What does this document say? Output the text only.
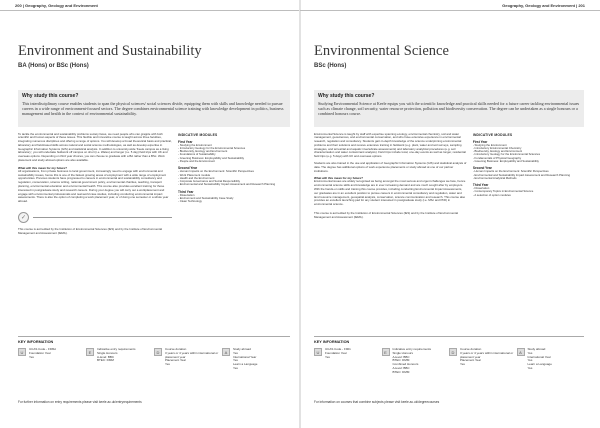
200 | Geography, Geology and Environment
Environment and Sustainability
BA (Hons) or BSc (Hons)
Why study this course?

This interdisciplinary course enables students to span the physical sciences/ social sciences divide, equipping them with skills and knowledge needed to pursue careers in a wide range of environment-focused sectors. The degree combines environmental science training with knowledge development in politics, business management and health in the context of environmental sustainability.

To tackle the environmental and sustainability problems society faces, we need people who can grapple with both scientific and human aspects of these issues. This flexible and innovative course is taught across three faculties, integrating numerous disciplines and offering a range of options. You will develop a broad theoretical basis and practical, laboratory and field-based skills across natural and social science methodologies, as well as develop expertise in Geographic Information Systems (GIS) and statistical analysis. In addition to university-wide 'Keele campus as a living laboratory', you will undertake fieldwork off campus on short (i.e. Wales) and longer (i.e. 5 day) field trips with UK and overseas options. Depending on third year choices, you can choose to graduate with a BA rather than a BSc. Work placement and study abroad options are also available.

What will this mean for my future?

All organisations, from private business to local government, increasingly need to engage with environmental and sustainability issues, hence this is one of the fastest growing areas of employment with a wide range of employment opportunities. Previous students have progressed to careers in environmental and sustainability consultancy and regulation, conservation, science writing, national government policy, environmental charities, teaching, transport planning, environmental education and environmental health. This course also provides excellent training for those interested in postgraduate study and research careers. During your degree you will carry out a workplacement and engage with environmental professionals and real-world case studies, including conducting environmental impact assessments. There is also the option of completing a work placement year, or of doing one semester or a whole year abroad.

✓

This course is accredited by the Institution of Environmental Sciences (IES) and by the Institute of Environmental Management and Assessment (IEMA).

INDICATIVE MODULES
First Year
- Studying the Environment
- Introductory Geology for the Environmental Sciences
- Biodiversity, Ecology and Environment
- Foundations of Sustainability
- Greening Business: Employability and Sustainability
- People and the Environment
Second Year
- Human Impacts on the Environment: Scientific Perspectives
- Work Placement module
- Health and the Environment
- Corporate Governance and Social Responsibility
- Environmental and Sustainability Impact Assessment and Research Planning
Third Year
- Dissertation
- Environment and Sustainability Case Study
- Clean Technology
KEY INFORMATION
U
UCAS Code - FD8H
Foundation Year
Yes
E
Indicative entry requirements
Single Honours
A-level: BBC
BTEC: DMM
D
Course duration
3 years or 4 years within international or placement year
Placement Year
Yes
A
Study abroad
Yes
International Year
Yes
Learn a Language
Yes
For further information on entry requirements please visit keele.ac.uk/entryrequirements
Geography, Geology and Environment | 201
Environmental Science
BSc (Hons)
Why study this course?

Studying Environmental Science at Keele equips you with the scientific knowledge and practical skills needed for a future career tackling environmental issues such as climate change, soil security, water resource protection, pollution and biodiversity conservation. The degree can be undertaken as a single honours or a combined honours course.

Environmental Science is taught by staff with expertise spanning ecology, environmental chemistry, soil and water management, geosciences, and environmental conservation, and who have extensive experience in environmental research, regulation and consultancy. Students gain in-depth knowledge of the science underpinning environmental problems and their solutions and receive extensive training in fieldwork (e.g. plant, water and soil surveys, sampling strategies, and terrestrial and aquatic invertebrate assessments) and laboratory analytical procedures (e.g. soil characterisation and water contaminant analysis). Field trips include local, one-day events as well as longer, residential field trips (e.g. 5 days) with UK and overseas options.

Students are also trained in the use and application of Geographic Information Systems (GIS) and statistical analysis of data. The degree has additional options of work experience placements or study abroad at one of our partner institutions.

What will this mean for my future?

Environmental issues are widely recognised as being amongst the most serious and urgent challenges we face, hence environmental science skills and knowledge are in ever increasing demand and are much sought after by employers. With the hands-on skills and training this course provides, including conducting Environmental Impact Assessments, our graduates are in an excellent position to pursue careers in environmental consultancy and regulation, water and land resource management, geospatial analysis, conservation, science communication and research. This course also provides an excellent launching pad for any student interested in postgraduate study (i.e. MSc and PhD) in environmental science.

This course is accredited by the Institution of Environmental Sciences (IES) and by the Institute of Environmental Management and Assessment (IEMA).

INDICATIVE MODULES
First Year
- Studying the Environment
- Introductory Environmental Chemistry
- Biodiversity, Ecology and Environment
- Introductory Geology for the Environmental Sciences
- Fundamentals of Physical Geography
- Greening Business: Employability and Sustainability
Second Year
- Human Impacts on the Environment: Scientific Perspectives
- Environmental and Sustainability Impact Assessment and Research Planning
- Environmental Analytical Methods
Third Year
- Dissertation
- Contemporary Topics in Environmental Science
- A selection of option modules
KEY INFORMATION
U
UCAS Code - F901
Foundation Year
Yes
E
Indicative entry requirements
Single Honours
A-level: BBC
BTEC: DMM
Combined Honours
A-level: BBC
BTEC: DMM
D
Course duration
3 years or 4 years within international or placement year
Placement Year
Yes
A
Study abroad
Yes
International Year
Yes
Learn a Language
Yes
For information on courses that combine subjects please visit keele.ac.uk/degreecourses
